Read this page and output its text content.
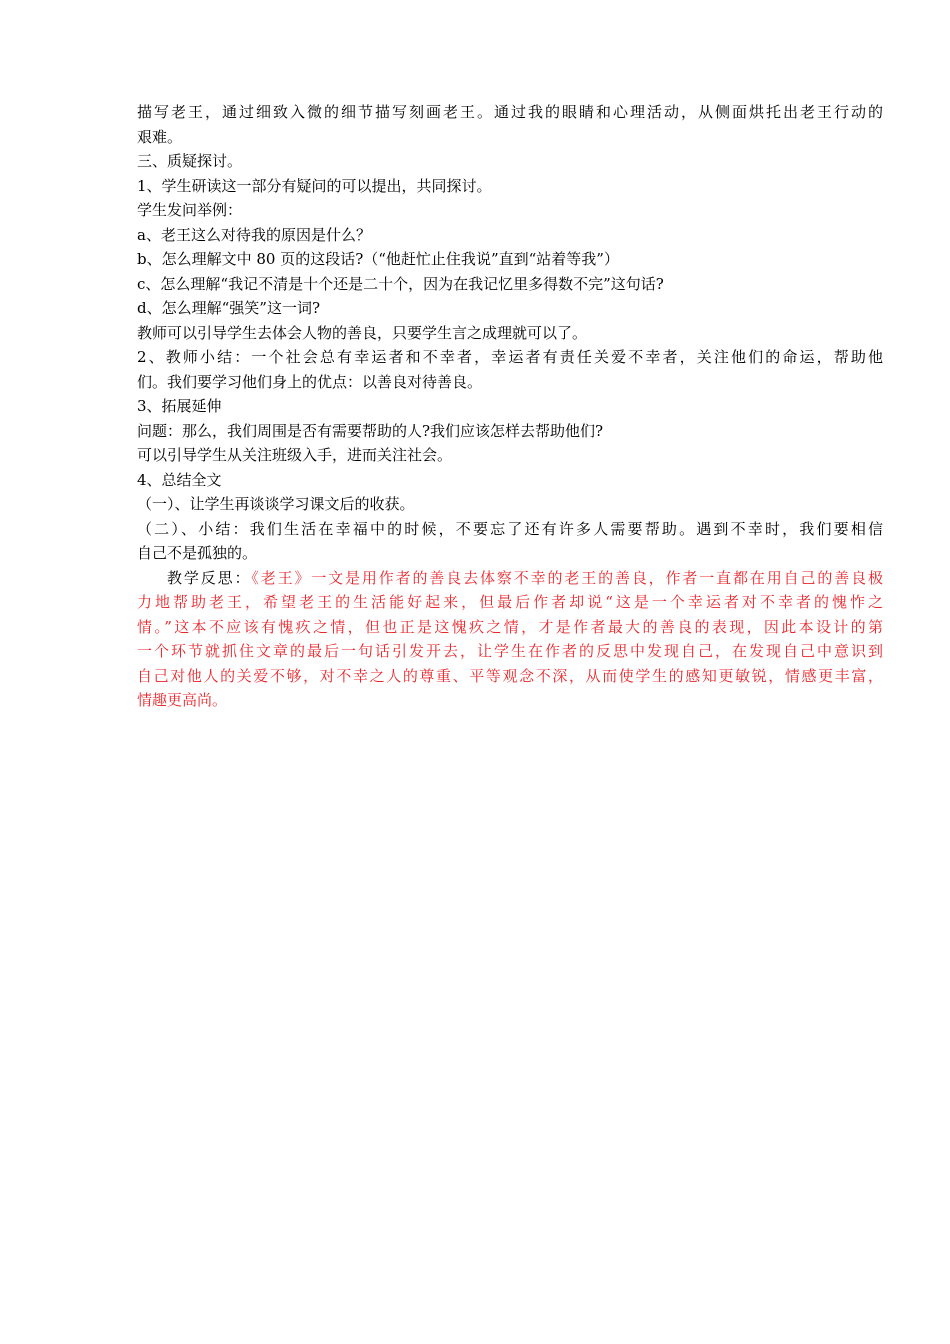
描写老王，通过细致入微的细节描写刻画老王。通过我的眼睛和心理活动，从侧面烘托出老王行动的
艰难。
三、质疑探讨。
1、学生研读这一部分有疑问的可以提出，共同探讨。
学生发问举例：
a、老王这么对待我的原因是什么？
b、怎么理解文中 80 页的这段话?（“他赶忙止住我说”直到“站着等我”）
c、怎么理解“我记不清是十个还是二十个，因为在我记忆里多得数不完”这句话?
d、怎么理解“强笑”这一词?
教师可以引导学生去体会人物的善良，只要学生言之成理就可以了。
2、教师小结：一个社会总有幸运者和不幸者，幸运者有责任关爱不幸者，关注他们的命运，帮助他
们。我们要学习他们身上的优点：以善良对待善良。
3、拓展延伸
问题：那么，我们周围是否有需要帮助的人?我们应该怎样去帮助他们?
可以引导学生从关注班级入手，进而关注社会。
4、总结全文
（一）、让学生再谈谈学习课文后的收获。
（二）、小结：我们生活在幸福中的时候，不要忘了还有许多人需要帮助。遇到不幸时，我们要相信
自己不是孤独的。
教学反思：《老王》一文是用作者的善良去体察不幸的老王的善良，作者一直都在用自己的善良极
力地帮助老王，希望老王的生活能好起来，但最后作者却说“这是一个幸运者对不幸者的愧怍之
情。”这本不应该有愧疚之情，但也正是这愧疚之情，才是作者最大的善良的表现，因此本设计的第
一个环节就抓住文章的最后一句话引发开去，让学生在作者的反思中发现自己，在发现自己中意识到
自己对他人的关爱不够，对不幸之人的尊重、平等观念不深，从而使学生的感知更敏锐，情感更丰富，
情趣更高尚。
